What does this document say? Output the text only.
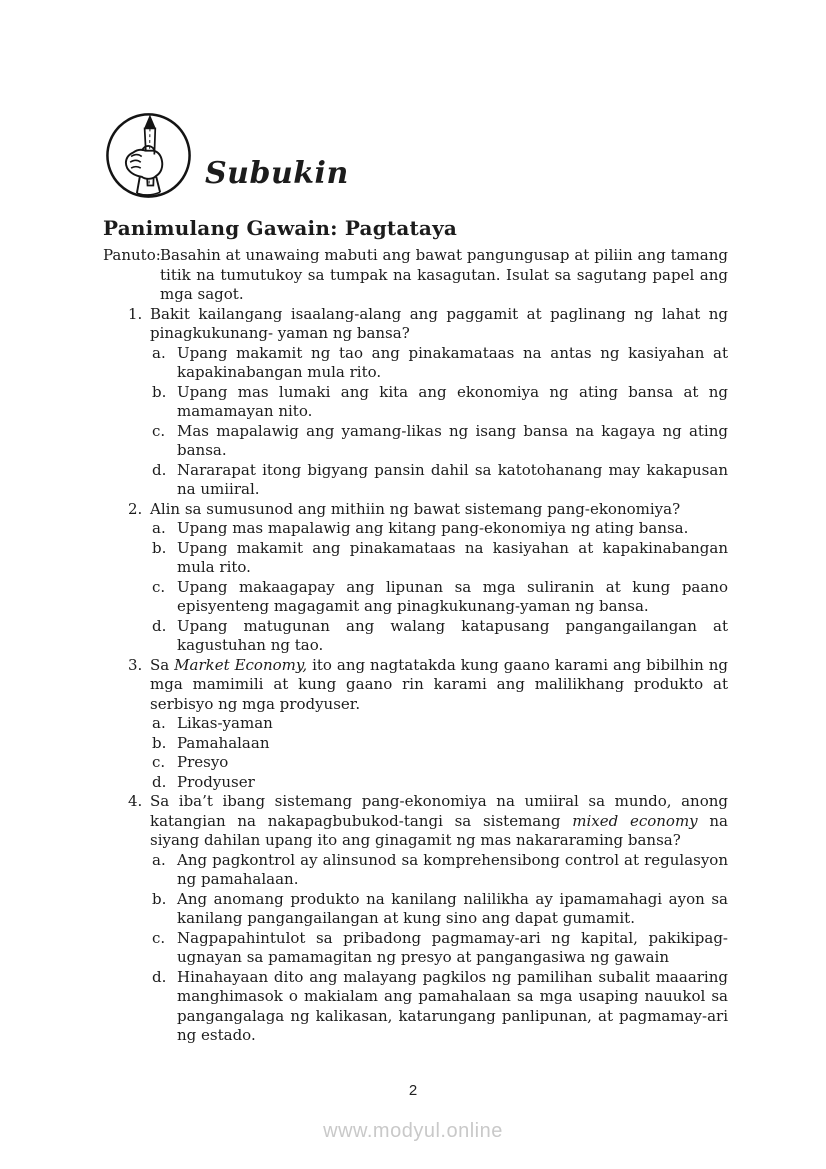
Subukin
Panimulang Gawain: Pagtataya
Panuto: Basahin at unawaing mabuti ang bawat pangungusap at piliin ang tamang titik na tumutukoy sa tumpak na kasagutan. Isulat sa sagutang papel ang mga sagot.
1. Bakit kailangang isaalang-alang ang paggamit at paglinang ng lahat ng pinagkukunang- yaman ng bansa?
a. Upang makamit ng tao ang pinakamataas na antas ng kasiyahan at kapakinabangan mula rito.
b. Upang mas lumaki ang kita ang ekonomiya ng ating bansa at ng mamamayan nito.
c. Mas mapalawig ang yamang-likas ng isang bansa na kagaya ng ating bansa.
d. Nararapat itong bigyang pansin dahil sa katotohanang may kakapusan na umiiral.
2. Alin sa sumusunod ang mithiin ng bawat sistemang pang-ekonomiya?
a. Upang mas mapalawig ang kitang pang-ekonomiya ng ating bansa.
b. Upang makamit ang pinakamataas na kasiyahan at kapakinabangan mula rito.
c. Upang makaagapay ang lipunan sa mga suliranin at kung paano episyenteng magagamit ang pinagkukunang-yaman ng bansa.
d. Upang matugunan ang walang katapusang pangangailangan at kagustuhan ng tao.
3. Sa Market Economy, ito ang nagtatakda kung gaano karami ang bibilhin ng mga mamimili at kung gaano rin karami ang malilikhang produkto at serbisyo ng mga prodyuser.
a. Likas-yaman
b. Pamahalaan
c. Presyo
d. Prodyuser
4. Sa iba’t ibang sistemang pang-ekonomiya na umiiral sa mundo, anong katangian na nakapagbubukod-tangi sa sistemang mixed economy na siyang dahilan upang ito ang ginagamit ng mas nakararaming bansa?
a. Ang pagkontrol ay alinsunod sa komprehensibong control at regulasyon ng pamahalaan.
b. Ang anomang produkto na kanilang nalilikha ay ipamamahagi ayon sa kanilang pangangailangan at kung sino ang dapat gumamit.
c. Nagpapahintulot sa pribadong pagmamay-ari ng kapital, pakikipag-ugnayan sa pamamagitan ng presyo at pangangasiwa ng gawain
d. Hinahayaan dito ang malayang pagkilos ng pamilihan subalit maaaring manghimasok o makialam ang pamahalaan sa mga usaping nauukol sa pangangalaga ng kalikasan, katarungang panlipunan, at pagmamay-ari ng estado.
2
www.modyul.online
